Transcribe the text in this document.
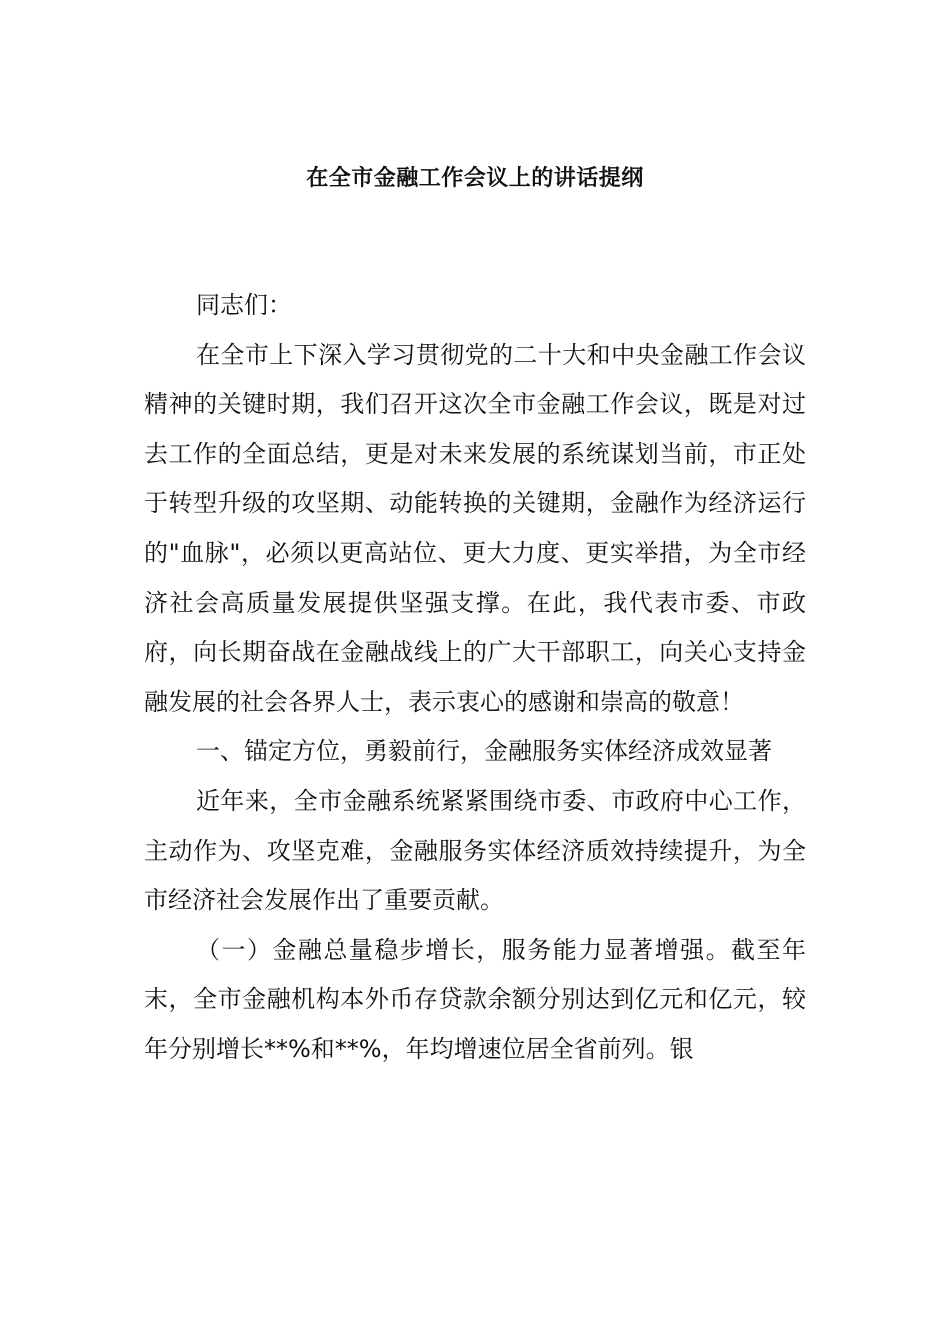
在全市金融工作会议上的讲话提纲

同志们：

在全市上下深入学习贯彻党的二十大和中央金融工作会议精神的关键时期，我们召开这次全市金融工作会议，既是对过去工作的全面总结，更是对未来发展的系统谋划当前，市正处于转型升级的攻坚期、动能转换的关键期，金融作为经济运行的"血脉"，必须以更高站位、更大力度、更实举措，为全市经济社会高质量发展提供坚强支撑。在此，我代表市委、市政府，向长期奋战在金融战线上的广大干部职工，向关心支持金融发展的社会各界人士，表示衷心的感谢和崇高的敬意！

一、锚定方位，勇毅前行，金融服务实体经济成效显著

近年来，全市金融系统紧紧围绕市委、市政府中心工作，主动作为、攻坚克难，金融服务实体经济质效持续提升，为全市经济社会发展作出了重要贡献。

（一）金融总量稳步增长，服务能力显著增强。截至年末，全市金融机构本外币存贷款余额分别达到亿元和亿元，较年分别增长**%和**%，年均增速位居全省前列。银
